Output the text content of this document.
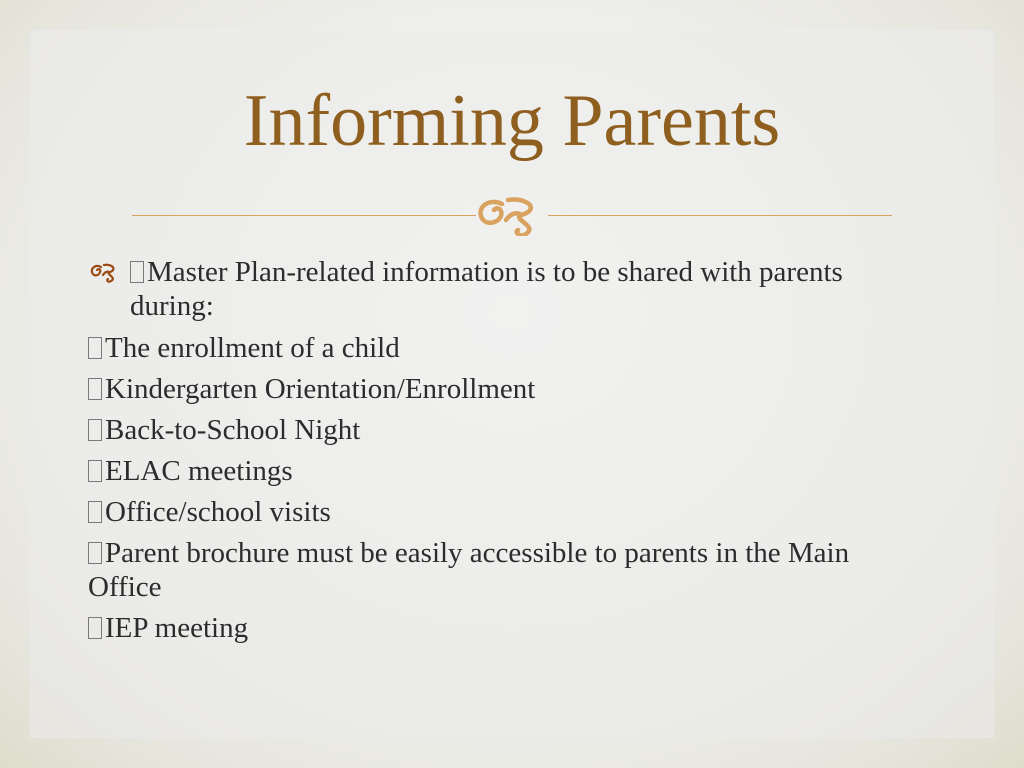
Informing Parents
Master Plan-related information is to be shared with parents during:
The enrollment of a child
Kindergarten Orientation/Enrollment
Back-to-School Night
ELAC meetings
Office/school visits
Parent brochure must be easily accessible to parents in the Main Office
IEP meeting
